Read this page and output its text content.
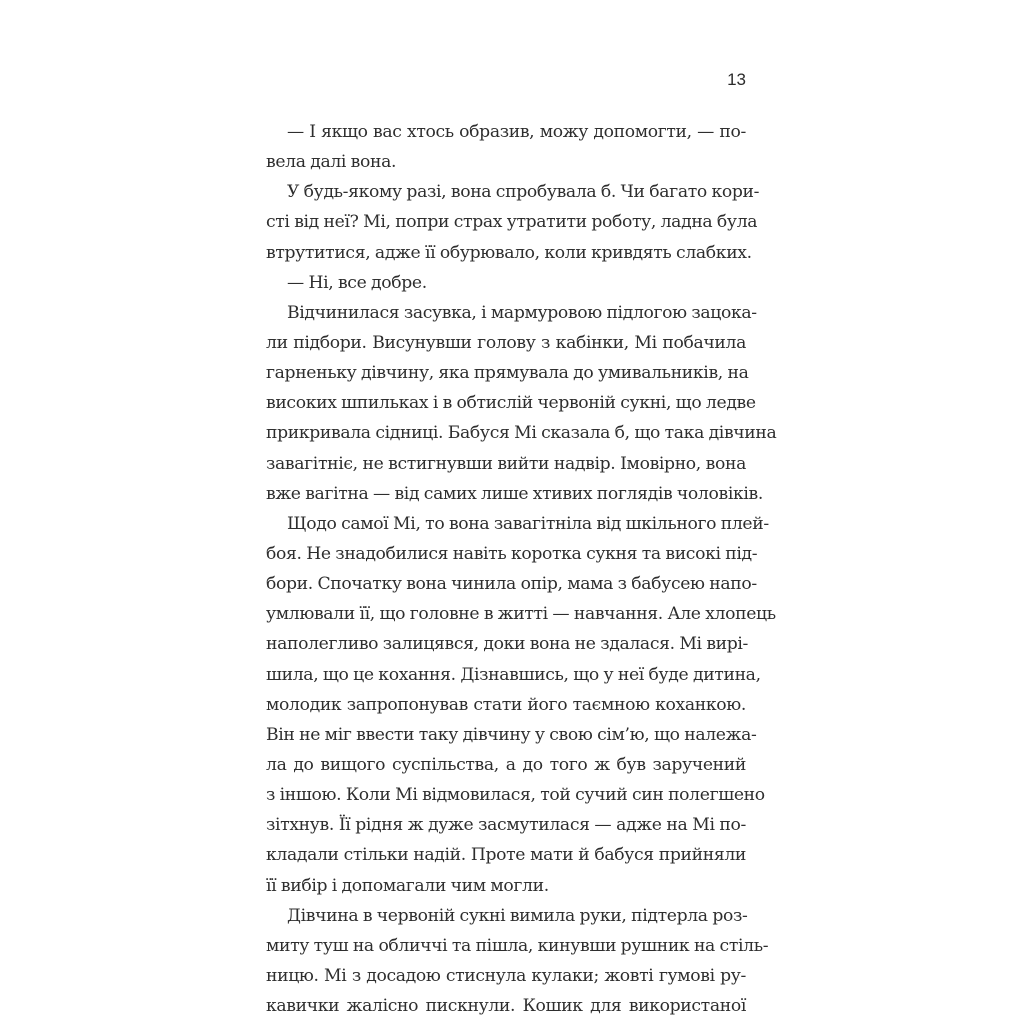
13
— І якщо вас хтось образив, можу допомогти, — по-
вела далі вона.
У будь-якому разі, вона спробувала б. Чи багато кори-
сті від неї? Мі, попри страх утратити роботу, ладна була
втрутитися, адже її обурювало, коли кривдять слабких.
— Ні, все добре.
Відчинилася засувка, і мармуровою підлогою зацока-
ли підбори. Висунувши голову з кабінки, Мі побачила
гарненьку дівчину, яка прямувала до умивальників, на
високих шпильках і в обтислій червоній сукні, що ледве
прикривала сідниці. Бабуся Мі сказала б, що така дівчина
завагітніє, не встигнувши вийти надвір. Імовірно, вона
вже вагітна — від самих лише хтивих поглядів чоловіків.
Щодо самої Мі, то вона завагітніла від шкільного плей-
боя. Не знадобилися навіть коротка сукня та високі під-
бори. Спочатку вона чинила опір, мама з бабусею напо-
умлювали її, що головне в житті — навчання. Але хлопець
наполегливо залицявся, доки вона не здалася. Мі вирі-
шила, що це кохання. Дізнавшись, що у неї буде дитина,
молодик запропонував стати його таємною коханкою.
Він не міг ввести таку дівчину у свою сім’ю, що належа-
ла до вищого суспільства, а до того ж був заручений
з іншою. Коли Мі відмовилася, той сучий син полегшено
зітхнув. Її рідня ж дуже засмутилася — адже на Мі по-
кладали стільки надій. Проте мати й бабуся прийняли
її вибір і допомагали чим могли.
Дівчина в червоній сукні вимила руки, підтерла роз-
миту туш на обличчі та пішла, кинувши рушник на стіль-
ницю. Мі з досадою стиснула кулаки; жовті гумові ру-
кавички жалісно пискнули. Кошик для використаної
